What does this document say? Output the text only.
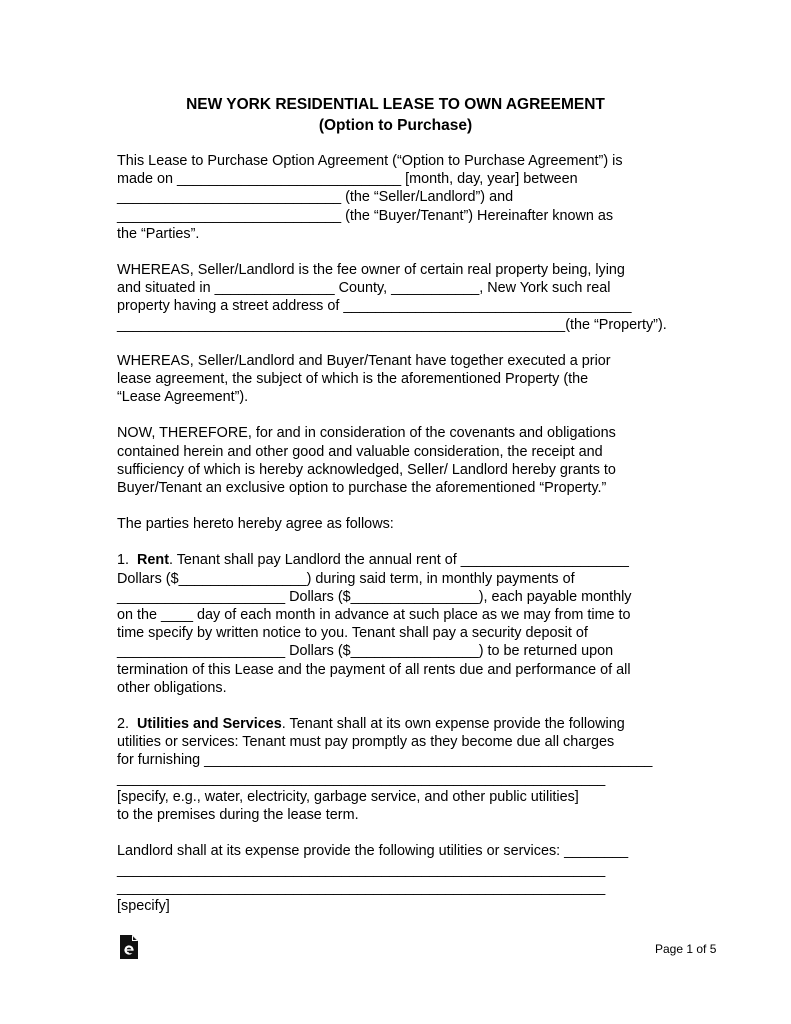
NEW YORK RESIDENTIAL LEASE TO OWN AGREEMENT
(Option to Purchase)
This Lease to Purchase Option Agreement (“Option to Purchase Agreement”) is
made on ____________________________ [month, day, year] between
____________________________ (the “Seller/Landlord”) and
____________________________ (the “Buyer/Tenant”) Hereinafter known as
the “Parties”.
WHEREAS, Seller/Landlord is the fee owner of certain real property being, lying
and situated in _______________ County, ___________, New York such real
property having a street address of ____________________________________
________________________________________________________(the “Property”).
WHEREAS, Seller/Landlord and Buyer/Tenant have together executed a prior
lease agreement, the subject of which is the aforementioned Property (the
“Lease Agreement”).
NOW, THEREFORE, for and in consideration of the covenants and obligations
contained herein and other good and valuable consideration, the receipt and
sufficiency of which is hereby acknowledged, Seller/ Landlord hereby grants to
Buyer/Tenant an exclusive option to purchase the aforementioned “Property.”
The parties hereto hereby agree as follows:
1. Rent. Tenant shall pay Landlord the annual rent of _____________________
Dollars ($________________) during said term, in monthly payments of
_____________________ Dollars ($________________), each payable monthly
on the ____ day of each month in advance at such place as we may from time to
time specify by written notice to you. Tenant shall pay a security deposit of
_____________________ Dollars ($________________) to be returned upon
termination of this Lease and the payment of all rents due and performance of all
other obligations.
2. Utilities and Services. Tenant shall at its own expense provide the following
utilities or services: Tenant must pay promptly as they become due all charges
for furnishing ________________________________________________________
_____________________________________________________________
[specify, e.g., water, electricity, garbage service, and other public utilities]
to the premises during the lease term.
Landlord shall at its expense provide the following utilities or services: ________
_____________________________________________________________
_____________________________________________________________
[specify]
Page 1 of 5
